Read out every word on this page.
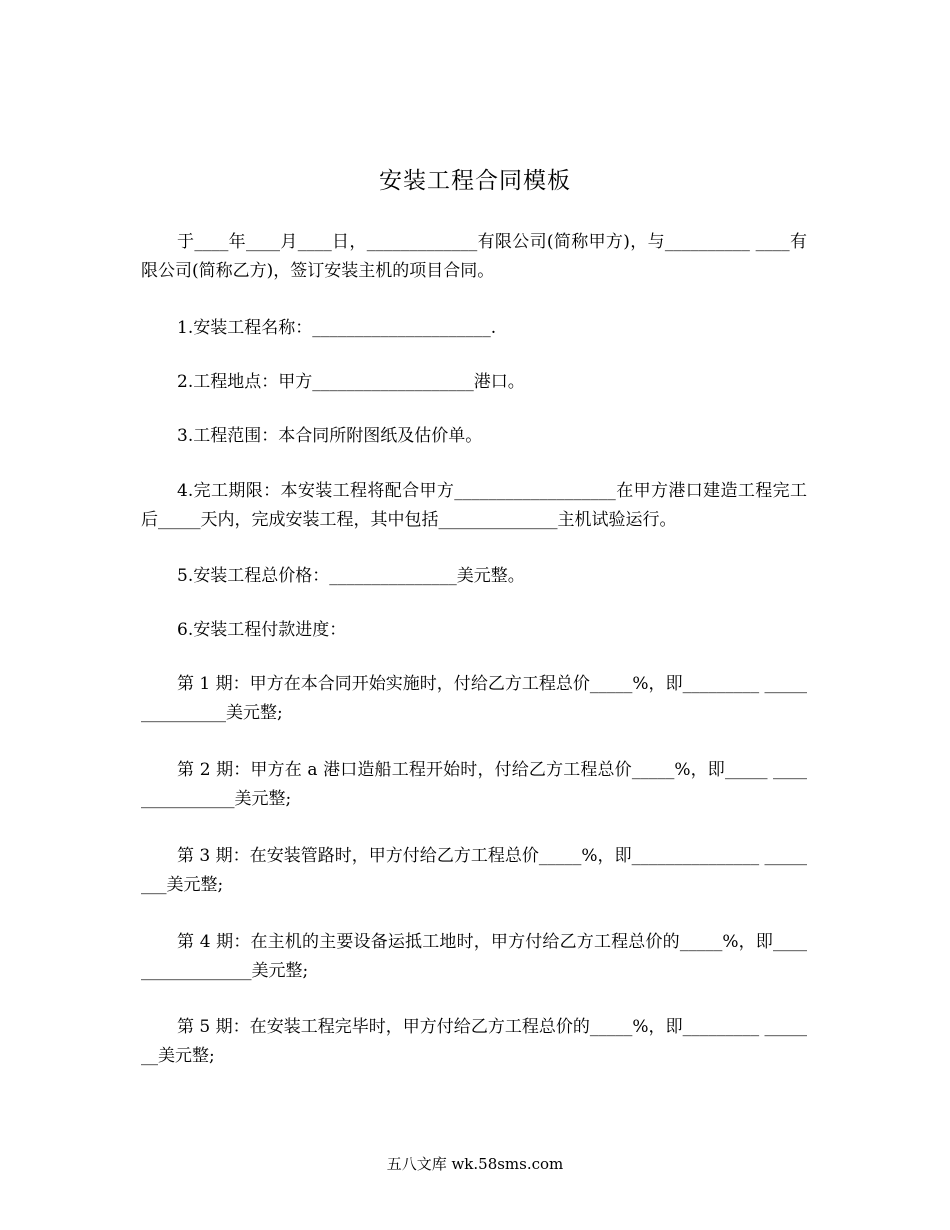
安装工程合同模板

于____年____月____日，_____________有限公司(简称甲方)，与__________ ____有限公司(简称乙方)，签订安装主机的项目合同。

1.安装工程名称：_____________________.

2.工程地点：甲方___________________港口。

3.工程范围：本合同所附图纸及估价单。

4.完工期限：本安装工程将配合甲方___________________在甲方港口建造工程完工后_____天内，完成安装工程，其中包括______________主机试验运行。

5.安装工程总价格：_______________美元整。

6.安装工程付款进度：

第 1 期：甲方在本合同开始实施时，付给乙方工程总价_____%，即_________ _______________美元整;

第 2 期：甲方在 a 港口造船工程开始时，付给乙方工程总价_____%，即_____ _______________美元整;

第 3 期：在安装管路时，甲方付给乙方工程总价_____%，即_______________ ________美元整;

第 4 期：在主机的主要设备运抵工地时，甲方付给乙方工程总价的_____%，即_________________美元整;

第 5 期：在安装工程完毕时，甲方付给乙方工程总价的_____%，即_________ _______美元整;

五八文库 wk.58sms.com
